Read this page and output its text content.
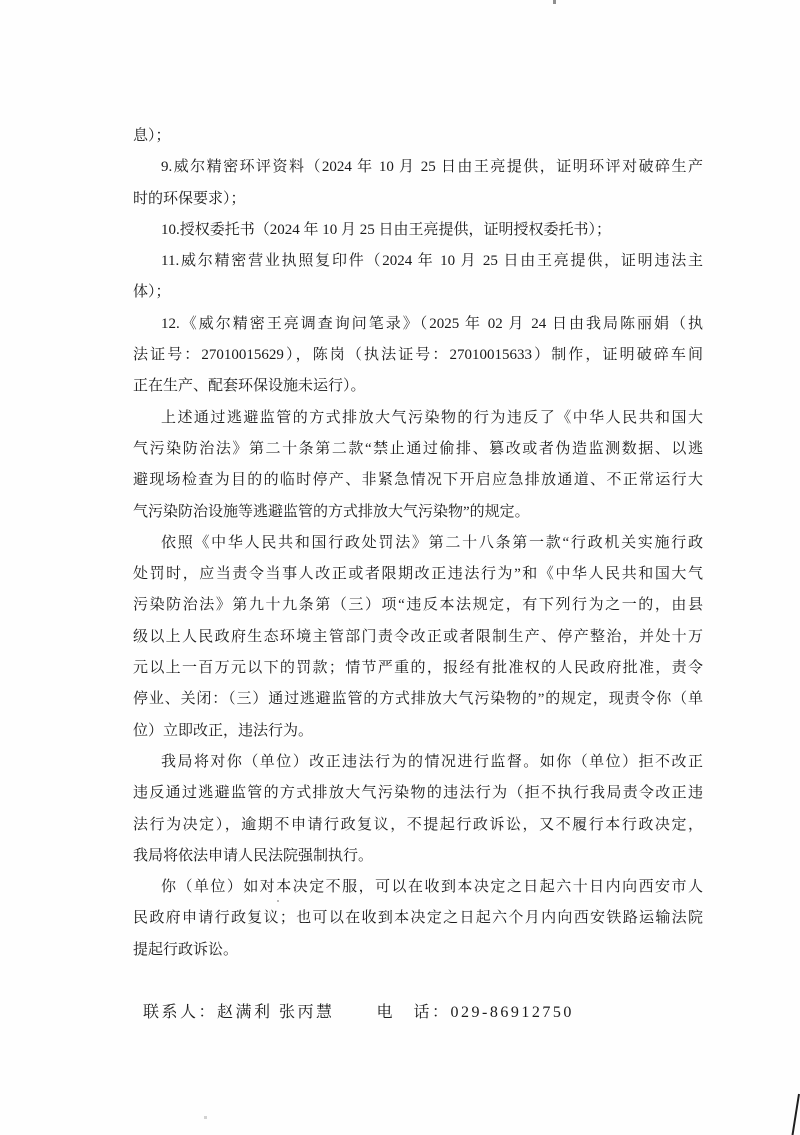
息）；
9.威尔精密环评资料（2024 年 10 月 25 日由王亮提供，证明环评对破碎生产
时的环保要求）；
10.授权委托书（2024 年 10 月 25 日由王亮提供，证明授权委托书）；
11.威尔精密营业执照复印件（2024 年 10 月 25 日由王亮提供，证明违法主
体）；
12.《威尔精密王亮调查询问笔录》（2025 年 02 月 24 日由我局陈丽娟（执
法证号：27010015629），陈岗（执法证号：27010015633）制作，证明破碎车间
正在生产、配套环保设施未运行）。
上述通过逃避监管的方式排放大气污染物的行为违反了《中华人民共和国大
气污染防治法》第二十条第二款“禁止通过偷排、篡改或者伪造监测数据、以逃
避现场检查为目的的临时停产、非紧急情况下开启应急排放通道、不正常运行大
气污染防治设施等逃避监管的方式排放大气污染物”的规定。
依照《中华人民共和国行政处罚法》第二十八条第一款“行政机关实施行政
处罚时，应当责令当事人改正或者限期改正违法行为”和《中华人民共和国大气
污染防治法》第九十九条第（三）项“违反本法规定，有下列行为之一的，由县
级以上人民政府生态环境主管部门责令改正或者限制生产、停产整治，并处十万
元以上一百万元以下的罚款；情节严重的，报经有批准权的人民政府批准，责令
停业、关闭：（三）通过逃避监管的方式排放大气污染物的”的规定，现责令你（单
位）立即改正，违法行为。
我局将对你（单位）改正违法行为的情况进行监督。如你（单位）拒不改正
违反通过逃避监管的方式排放大气污染物的违法行为（拒不执行我局责令改正违
法行为决定），逾期不申请行政复议，不提起行政诉讼，又不履行本行政决定，
我局将依法申请人民法院强制执行。
你（单位）如对本决定不服，可以在收到本决定之日起六十日内向西安市人
民政府申请行政复议；也可以在收到本决定之日起六个月内向西安铁路运输法院
提起行政诉讼。
联系人：赵满利 张丙慧	电　话：029-86912750
